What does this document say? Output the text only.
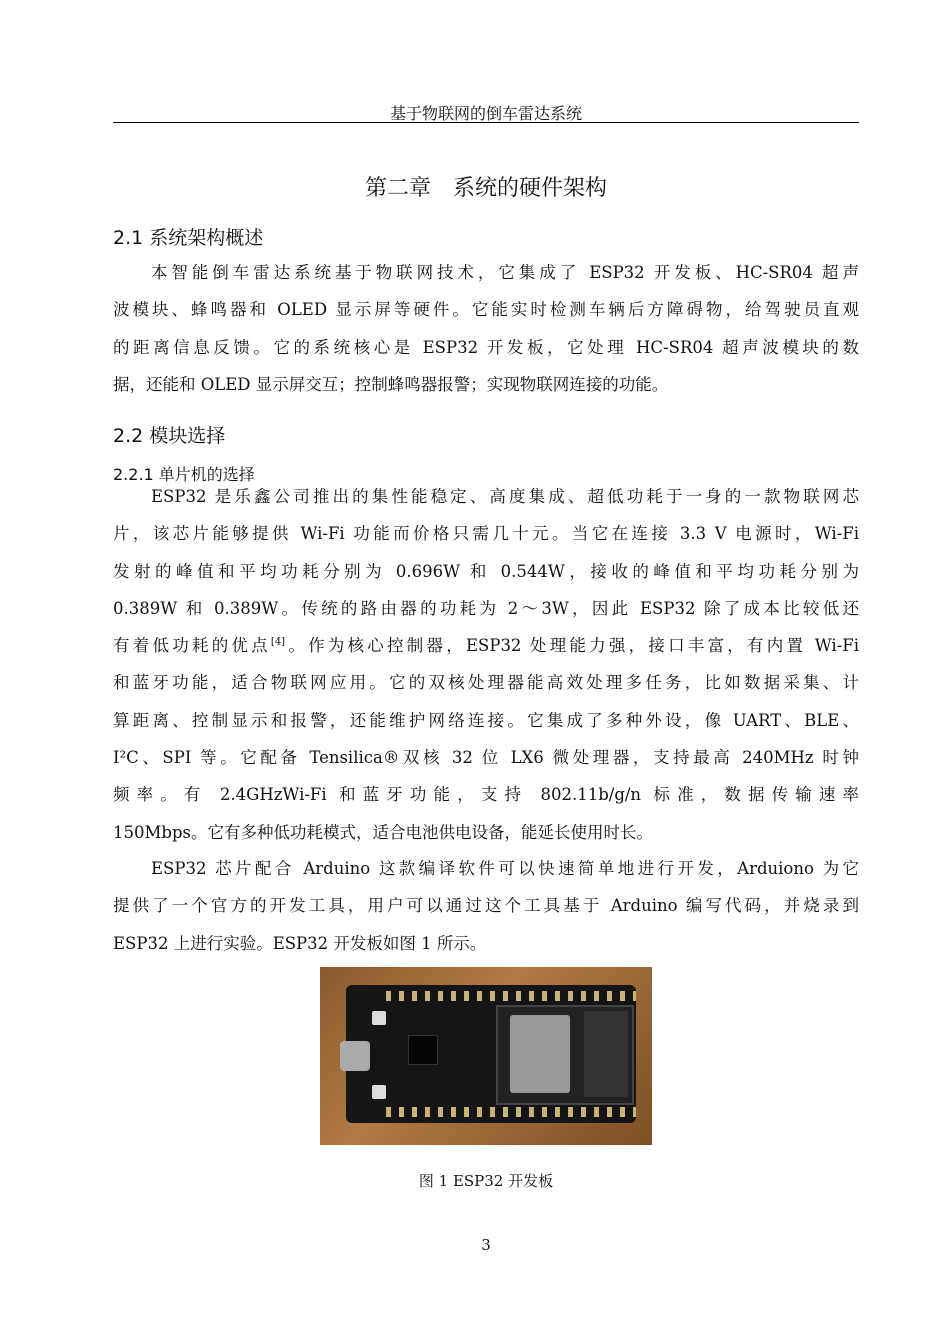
基于物联网的倒车雷达系统
第二章　系统的硬件架构
2.1 系统架构概述
本智能倒车雷达系统基于物联网技术，它集成了 ESP32 开发板、HC-SR04 超声
波模块、蜂鸣器和 OLED 显示屏等硬件。它能实时检测车辆后方障碍物，给驾驶员直观
的距离信息反馈。它的系统核心是 ESP32 开发板，它处理 HC-SR04 超声波模块的数
据，还能和 OLED 显示屏交互；控制蜂鸣器报警；实现物联网连接的功能。
2.2 模块选择
2.2.1 单片机的选择
ESP32 是乐鑫公司推出的集性能稳定、高度集成、超低功耗于一身的一款物联网芯
片，该芯片能够提供 Wi-Fi 功能而价格只需几十元。当它在连接 3.3 V 电源时，Wi-Fi
发射的峰值和平均功耗分别为 0.696W 和 0.544W，接收的峰值和平均功耗分别为
0.389W 和 0.389W。传统的路由器的功耗为 2～3W，因此 ESP32 除了成本比较低还
有着低功耗的优点[4]。作为核心控制器，ESP32 处理能力强，接口丰富，有内置 Wi-Fi
和蓝牙功能，适合物联网应用。它的双核处理器能高效处理多任务，比如数据采集、计
算距离、控制显示和报警，还能维护网络连接。它集成了多种外设，像 UART、BLE、
I²C、SPI 等。它配备 Tensilica®双核 32 位 LX6 微处理器，支持最高 240MHz 时钟
频率。有 2.4GHzWi-Fi 和蓝牙功能，支持 802.11b/g/n 标准，数据传输速率
150Mbps。它有多种低功耗模式，适合电池供电设备，能延长使用时长。
ESP32 芯片配合 Arduino 这款编译软件可以快速简单地进行开发，Arduiono 为它
提供了一个官方的开发工具，用户可以通过这个工具基于 Arduino 编写代码，并烧录到
ESP32 上进行实验。ESP32 开发板如图 1 所示。
图 1 ESP32 开发板
3
